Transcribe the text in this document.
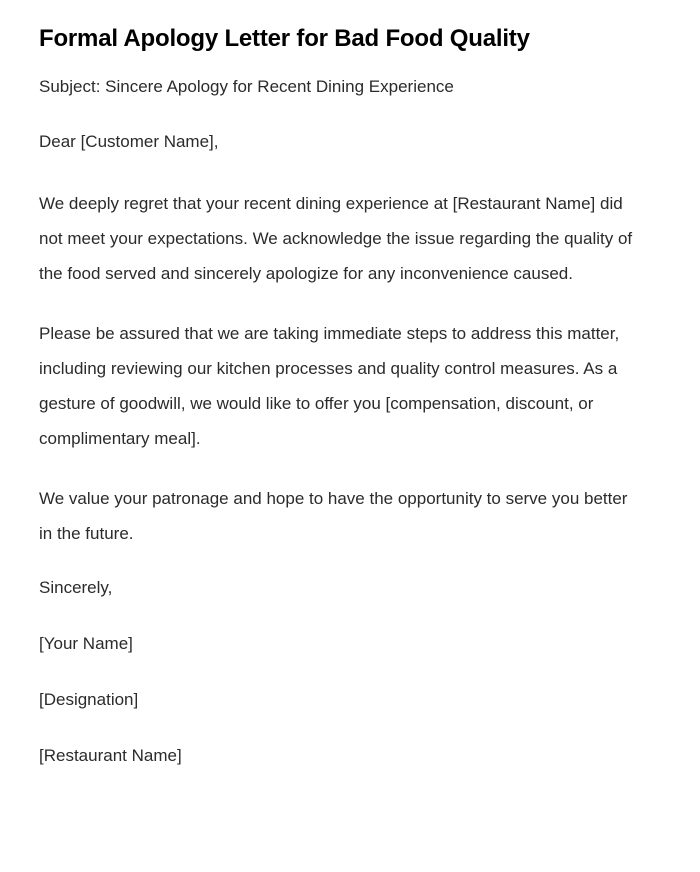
Formal Apology Letter for Bad Food Quality

Subject: Sincere Apology for Recent Dining Experience

Dear [Customer Name],

We deeply regret that your recent dining experience at [Restaurant Name] did not meet your expectations. We acknowledge the issue regarding the quality of the food served and sincerely apologize for any inconvenience caused.

Please be assured that we are taking immediate steps to address this matter, including reviewing our kitchen processes and quality control measures. As a gesture of goodwill, we would like to offer you [compensation, discount, or complimentary meal].

We value your patronage and hope to have the opportunity to serve you better in the future.

Sincerely,

[Your Name]

[Designation]

[Restaurant Name]
